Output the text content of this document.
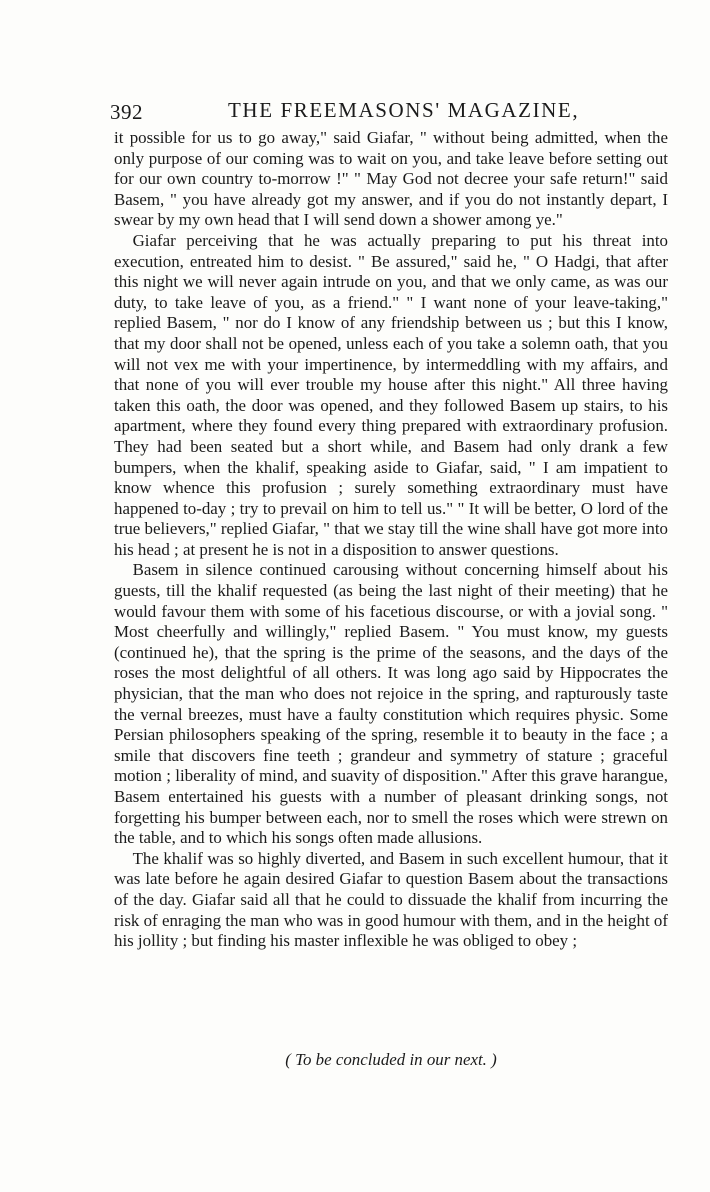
392	THE FREEMASONS' MAGAZINE,

it possible for us to go away," said Giafar, " without being admitted, when the only purpose of our coming was to wait on you, and take leave before setting out for our own country to-morrow !" " May God not decree your safe return!" said Basem, " you have already got my answer, and if you do not instantly depart, I swear by my own head that I will send down a shower among ye."

Giafar perceiving that he was actually preparing to put his threat into execution, entreated him to desist. " Be assured," said he, " O Hadgi, that after this night we will never again intrude on you, and that we only came, as was our duty, to take leave of you, as a friend." " I want none of your leave-taking," replied Basem, " nor do I know of any friendship between us ; but this I know, that my door shall not be opened, unless each of you take a solemn oath, that you will not vex me with your impertinence, by intermeddling with my affairs, and that none of you will ever trouble my house after this night." All three having taken this oath, the door was opened, and they followed Basem up stairs, to his apartment, where they found every thing prepared with extraordinary profusion. They had been seated but a short while, and Basem had only drank a few bumpers, when the khalif, speaking aside to Giafar, said, " I am impatient to know whence this profusion ; surely something extraordinary must have happened to-day ; try to prevail on him to tell us." " It will be better, O lord of the true believers," replied Giafar, " that we stay till the wine shall have got more into his head ; at present he is not in a disposition to answer questions.

Basem in silence continued carousing without concerning himself about his guests, till the khalif requested (as being the last night of their meeting) that he would favour them with some of his facetious discourse, or with a jovial song. " Most cheerfully and willingly," replied Basem. " You must know, my guests (continued he), that the spring is the prime of the seasons, and the days of the roses the most delightful of all others. It was long ago said by Hippocrates the physician, that the man who does not rejoice in the spring, and rapturously taste the vernal breezes, must have a faulty constitution which requires physic. Some Persian philosophers speaking of the spring, resemble it to beauty in the face ; a smile that discovers fine teeth ; grandeur and symmetry of stature ; graceful motion ; liberality of mind, and suavity of disposition." After this grave harangue, Basem entertained his guests with a number of pleasant drinking songs, not forgetting his bumper between each, nor to smell the roses which were strewn on the table, and to which his songs often made allusions.

The khalif was so highly diverted, and Basem in such excellent humour, that it was late before he again desired Giafar to question Basem about the transactions of the day. Giafar said all that he could to dissuade the khalif from incurring the risk of enraging the man who was in good humour with them, and in the height of his jollity ; but finding his master inflexible he was obliged to obey ;

( To be concluded in our next. )
